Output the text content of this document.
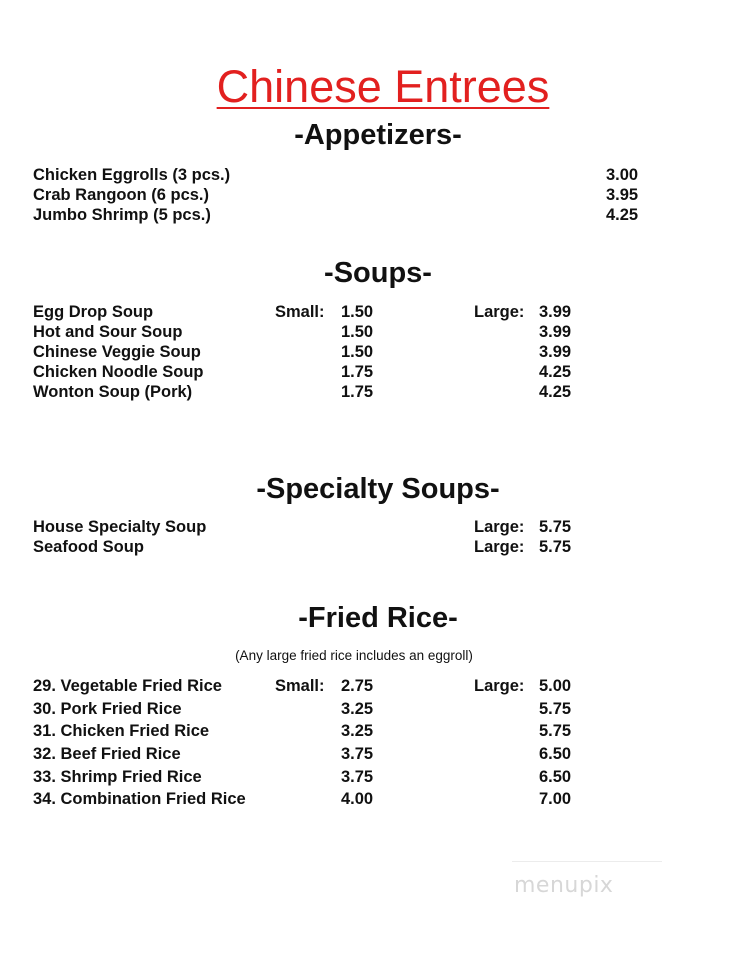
Chinese Entrees
-Appetizers-
Chicken Eggrolls (3 pcs.)	3.00
Crab Rangoon (6 pcs.)	3.95
Jumbo Shrimp (5 pcs.)	4.25
-Soups-
Egg Drop Soup	Small: 1.50	Large: 3.99
Hot and Sour Soup	1.50	3.99
Chinese Veggie Soup	1.50	3.99
Chicken Noodle Soup	1.75	4.25
Wonton Soup (Pork)	1.75	4.25
-Specialty Soups-
House Specialty Soup	Large: 5.75
Seafood Soup	Large: 5.75
-Fried Rice-
(Any large fried rice includes an eggroll)
29. Vegetable Fried Rice	Small: 2.75	Large: 5.00
30. Pork Fried Rice	3.25	5.75
31. Chicken Fried Rice	3.25	5.75
32. Beef Fried Rice	3.75	6.50
33. Shrimp Fried Rice	3.75	6.50
34. Combination Fried Rice	4.00	7.00
menupix
